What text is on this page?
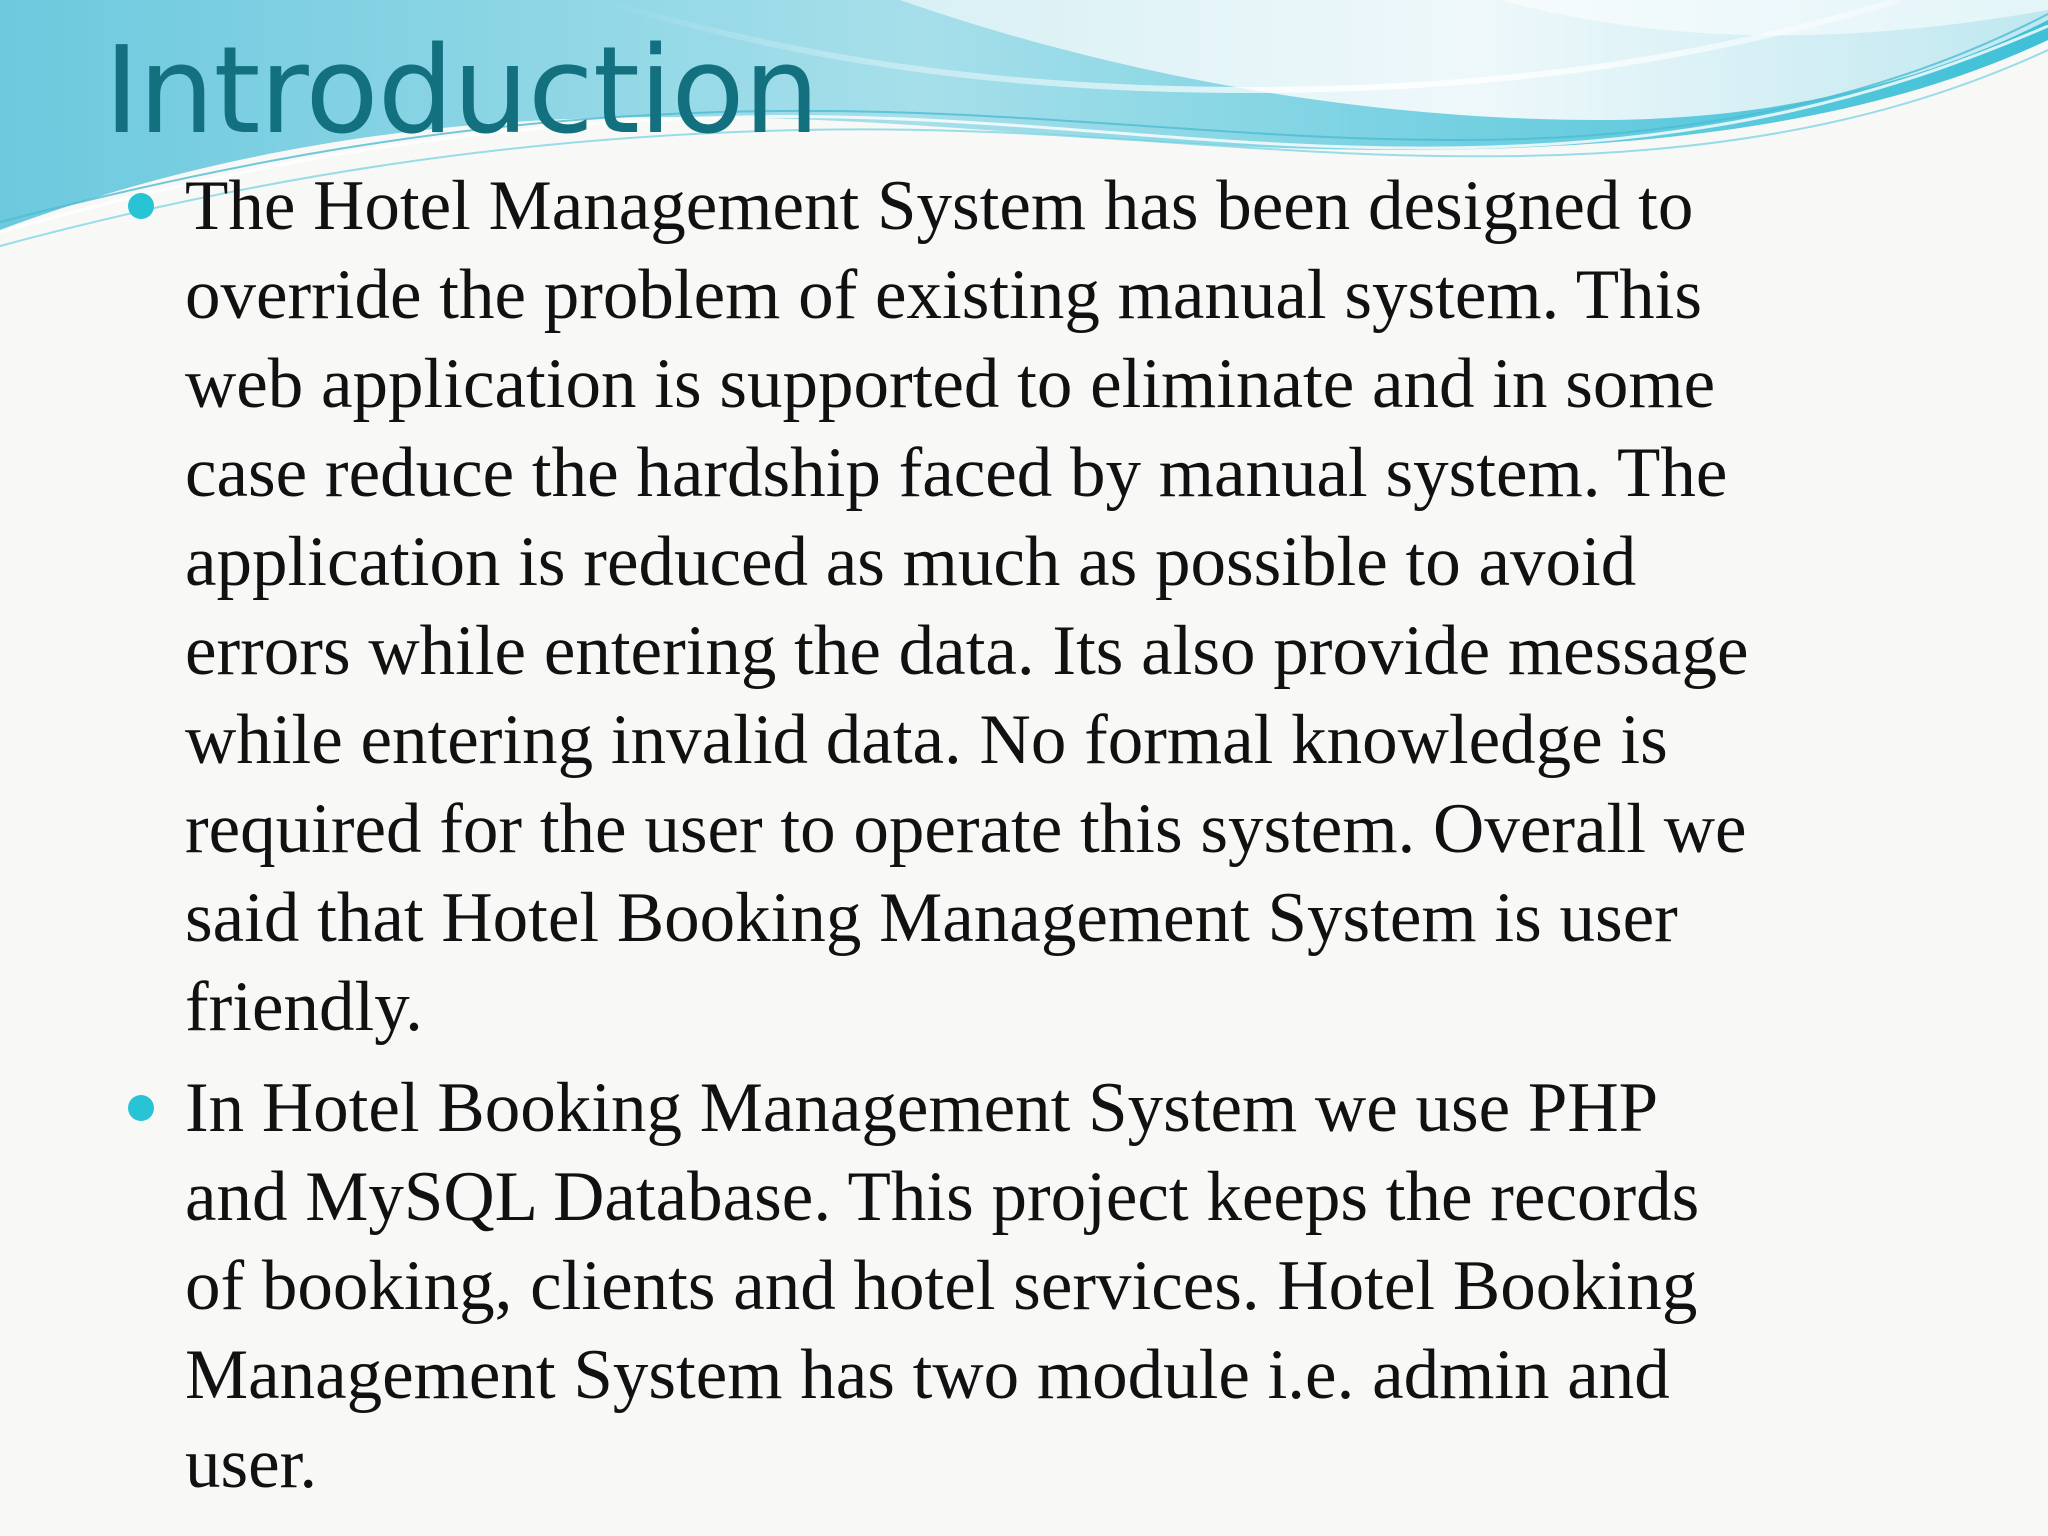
Introduction
The Hotel Management System has been designed to
override the problem of existing manual system. This
web application is supported to eliminate and in some
case reduce the hardship faced by manual system. The
application is reduced as much as possible to avoid
errors while entering the data. Its also provide message
while entering invalid data. No formal knowledge is
required for the user to operate this system. Overall we
said that Hotel Booking Management System is user
friendly.
In Hotel Booking Management System we use PHP
and MySQL Database. This project keeps the records
of booking, clients and hotel services. Hotel Booking
Management System has two module i.e. admin and
user.
